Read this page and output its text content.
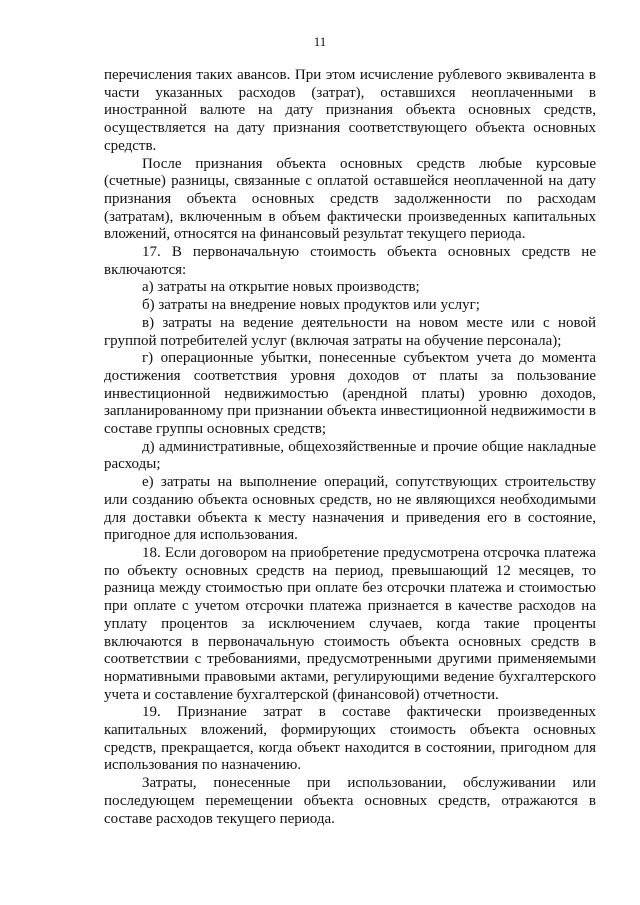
11

перечисления таких авансов. При этом исчисление рублевого эквивалента в части указанных расходов (затрат), оставшихся неоплаченными в иностранной валюте на дату признания объекта основных средств, осуществляется на дату признания соответствующего объекта основных средств.

После признания объекта основных средств любые курсовые (счетные) разницы, связанные с оплатой оставшейся неоплаченной на дату признания объекта основных средств задолженности по расходам (затратам), включенным в объем фактически произведенных капитальных вложений, относятся на финансовый результат текущего периода.

17. В первоначальную стоимость объекта основных средств не включаются:

а) затраты на открытие новых производств;

б) затраты на внедрение новых продуктов или услуг;

в) затраты на ведение деятельности на новом месте или с новой группой потребителей услуг (включая затраты на обучение персонала);

г) операционные убытки, понесенные субъектом учета до момента достижения соответствия уровня доходов от платы за пользование инвестиционной недвижимостью (арендной платы) уровню доходов, запланированному при признании объекта инвестиционной недвижимости в составе группы основных средств;

д) административные, общехозяйственные и прочие общие накладные расходы;

е) затраты на выполнение операций, сопутствующих строительству или созданию объекта основных средств, но не являющихся необходимыми для доставки объекта к месту назначения и приведения его в состояние, пригодное для использования.

18. Если договором на приобретение предусмотрена отсрочка платежа по объекту основных средств на период, превышающий 12 месяцев, то разница между стоимостью при оплате без отсрочки платежа и стоимостью при оплате с учетом отсрочки платежа признается в качестве расходов на уплату процентов за исключением случаев, когда такие проценты включаются в первоначальную стоимость объекта основных средств в соответствии с требованиями, предусмотренными другими применяемыми нормативными правовыми актами, регулирующими ведение бухгалтерского учета и составление бухгалтерской (финансовой) отчетности.

19. Признание затрат в составе фактически произведенных капитальных вложений, формирующих стоимость объекта основных средств, прекращается, когда объект находится в состоянии, пригодном для использования по назначению.

Затраты, понесенные при использовании, обслуживании или последующем перемещении объекта основных средств, отражаются в составе расходов текущего периода.
